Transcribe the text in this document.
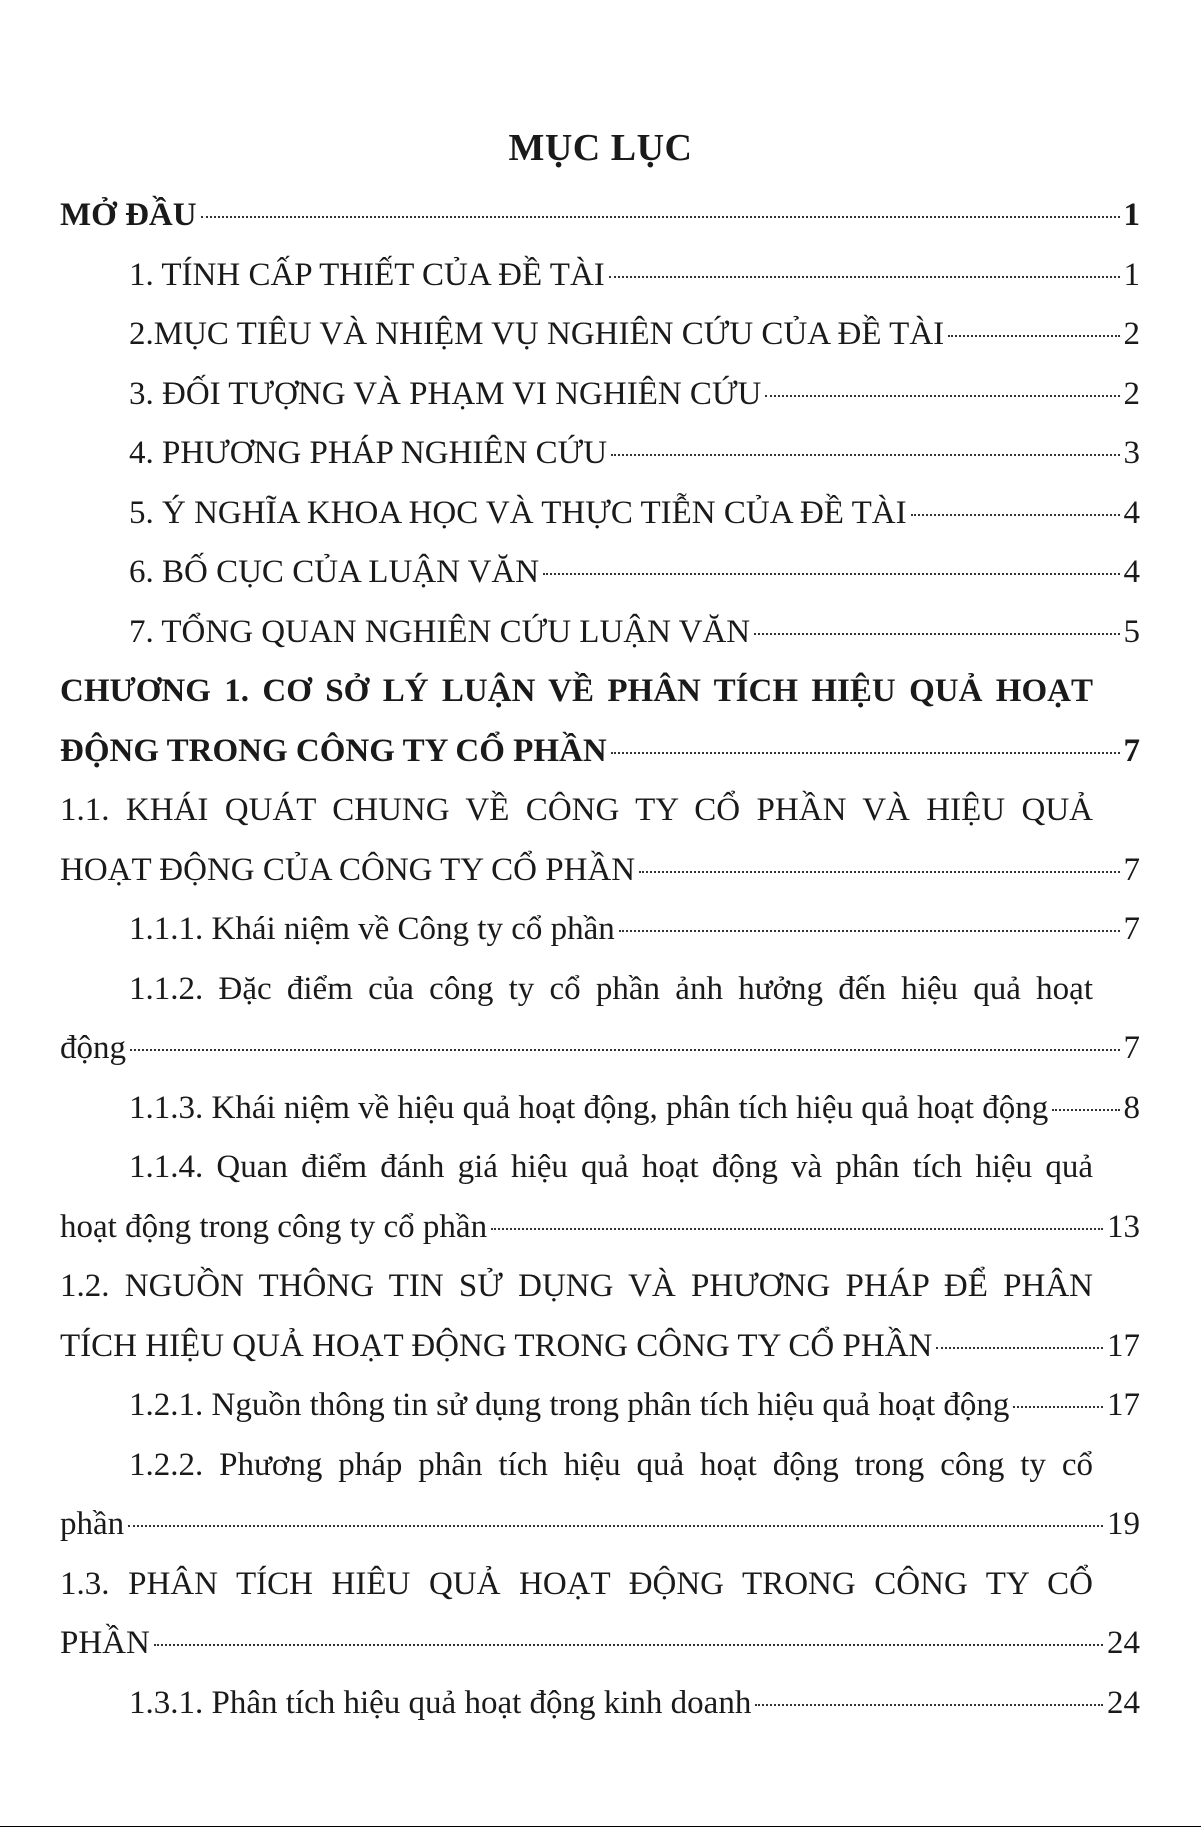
MỤC LỤC
MỞ ĐẦU	1
1. TÍNH CẤP THIẾT CỦA ĐỀ TÀI	1
2.MỤC TIÊU VÀ NHIỆM VỤ NGHIÊN CỨU CỦA ĐỀ TÀI	2
3. ĐỐI TƯỢNG VÀ PHẠM VI NGHIÊN CỨU	2
4. PHƯƠNG PHÁP NGHIÊN CỨU	3
5. Ý NGHĨA KHOA HỌC VÀ THỰC TIỄN CỦA ĐỀ TÀI	4
6. BỐ CỤC CỦA LUẬN VĂN	4
7. TỔNG QUAN NGHIÊN CỨU LUẬN VĂN	5
CHƯƠNG 1. CƠ SỞ LÝ LUẬN VỀ PHÂN TÍCH HIỆU QUẢ HOẠT
ĐỘNG TRONG CÔNG TY CỔ PHẦN	7
1.1. KHÁI QUÁT CHUNG VỀ CÔNG TY CỔ PHẦN VÀ HIỆU QUẢ
HOẠT ĐỘNG CỦA CÔNG TY CỔ PHẦN	7
1.1.1. Khái niệm về Công ty cổ phần	7
1.1.2. Đặc điểm của công ty cổ phần ảnh hưởng đến hiệu quả hoạt
động	7
1.1.3. Khái niệm về hiệu quả hoạt động, phân tích hiệu quả hoạt động 8
1.1.4. Quan điểm đánh giá hiệu quả hoạt động và phân tích hiệu quả
hoạt động trong công ty cổ phần	13
1.2. NGUỒN THÔNG TIN SỬ DỤNG VÀ PHƯƠNG PHÁP ĐỂ PHÂN
TÍCH HIỆU QUẢ HOẠT ĐỘNG TRONG CÔNG TY CỔ PHẦN	17
1.2.1. Nguồn thông tin sử dụng trong phân tích hiệu quả hoạt động	17
1.2.2. Phương pháp phân tích hiệu quả hoạt động trong công ty cổ
phần	19
1.3. PHÂN TÍCH HIÊU QUẢ HOẠT ĐỘNG TRONG CÔNG TY CỔ
PHẦN	24
1.3.1. Phân tích hiệu quả hoạt động kinh doanh	24
